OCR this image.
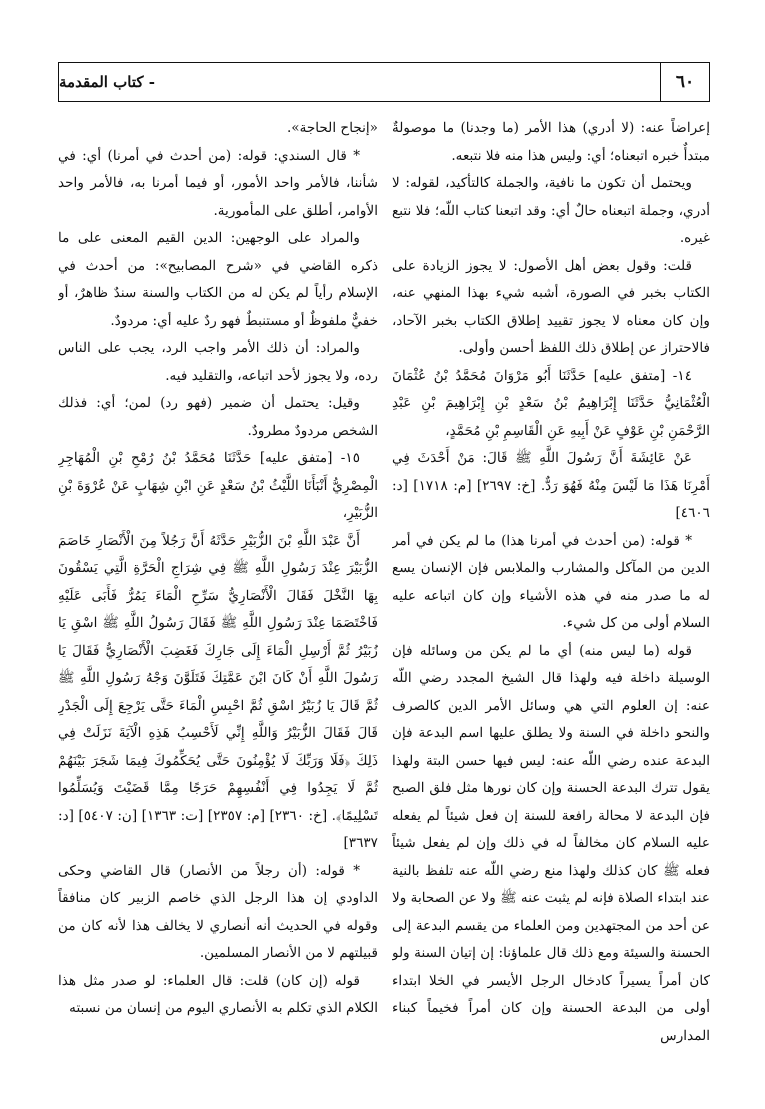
- كتاب المقدمة	٦٠

إعراضاً عنه: (لا أدري) هذا الأمر (ما وجدنا) ما موصولةٌ مبتدأٌ خبره اتبعناه؛ أي: وليس هذا منه فلا نتبعه.

ويحتمل أن تكون ما نافية، والجملة كالتأكيد، لقوله: لا أدري، وجملة اتبعناه حالٌ أي: وقد اتبعنا كتاب اللّه؛ فلا نتبع غيره.

قلت: وقول بعض أهل الأصول: لا يجوز الزيادة على الكتاب بخبر في الصورة، أشبه شيء بهذا المنهي عنه، وإن كان معناه لا يجوز تقييد إطلاق الكتاب بخبر الآحاد، فالاحتراز عن إطلاق ذلك اللفظ أحسن وأولى.

١٤- [متفق عليه] حَدَّثَنَا أَبُو مَرْوَانَ مُحَمَّدُ بْنُ عُثْمَانَ الْعُثْمَانِيُّ حَدَّثَنَا إِبْرَاهِيمُ بْنُ سَعْدٍ بْنِ إِبْرَاهِيمَ بْنِ عَبْدِ الرَّحْمَنِ بْنِ عَوْفٍ عَنْ أَبِيهِ عَنِ الْقَاسِمِ بْنِ مُحَمَّدٍ،

عَنْ عَائِشَةَ أَنَّ رَسُولَ اللَّهِ ﷺ قَالَ: مَنْ أَحْدَثَ فِي أَمْرِنَا هَذَا مَا لَيْسَ مِنْهُ فَهُوَ رَدٌّ. [خ: ٢٦٩٧] [م: ١٧١٨] [د: ٤٦٠٦]

* قوله: (من أحدث في أمرنا هذا) ما لم يكن في أمر الدين من المآكل والمشارب والملابس فإن الإنسان يسع له ما صدر منه في هذه الأشياء وإن كان اتباعه عليه السلام أولى من كل شيء.

قوله (ما ليس منه) أي ما لم يكن من وسائله فإن الوسيلة داخلة فيه ولهذا قال الشيخ المجدد رضي اللّه عنه: إن العلوم التي هي وسائل الأمر الدين كالصرف والنحو داخلة في السنة ولا يطلق عليها اسم البدعة فإن البدعة عنده رضي اللّه عنه: ليس فيها حسن البتة ولهذا يقول تترك البدعة الحسنة وإن كان نورها مثل فلق الصبح فإن البدعة لا محالة رافعة للسنة إن فعل شيئاً لم يفعله عليه السلام كان مخالفاً له في ذلك وإن لم يفعل شيئاً فعله ﷺ كان كذلك ولهذا منع رضي اللّه عنه تلفظ بالنية عند ابتداء الصلاة فإنه لم يثبت عنه ﷺ ولا عن الصحابة ولا عن أحد من المجتهدين ومن العلماء من يقسم البدعة إلى الحسنة والسيئة ومع ذلك قال علماؤنا: إن إتيان السنة ولو كان أمراً يسيراً كادخال الرجل الأيسر في الخلا ابتداء أولى من البدعة الحسنة وإن كان أمراً فخيماً كبناء المدارس

«إنجاح الحاجة».

* قال السندي: قوله: (من أحدث في أمرنا) أي: في شأننا، فالأمر واحد الأمور، أو فيما أمرنا به، فالأمر واحد الأوامر، أطلق على المأمورية.

والمراد على الوجهين: الدين القيم المعنى على ما ذكره القاضي في «شرح المصابيح»: من أحدث في الإسلام رأياً لم يكن له من الكتاب والسنة سندٌ ظاهرٌ، أو خفيٌّ ملفوظٌ أو مستنبطٌ فهو ردٌ عليه أي: مردودٌ.

والمراد: أن ذلك الأمر واجب الرد، يجب على الناس رده، ولا يجوز لأحد اتباعه، والتقليد فيه.

وقيل: يحتمل أن ضمير (فهو رد) لمن؛ أي: فذلك الشخص مردودٌ مطرودٌ.

١٥- [متفق عليه] حَدَّثَنَا مُحَمَّدُ بْنُ رُمْحِ بْنِ الْمُهَاجِرِ الْمِصْرِيُّ أَنْبَأَنَا اللَّيْثُ بْنُ سَعْدٍ عَنِ ابْنِ شِهَابٍ عَنْ عُرْوَةَ بْنِ الزُّبَيْرِ،

أَنَّ عَبْدَ اللَّهِ بْنَ الزُّبَيْرِ حَدَّثَهُ أَنَّ رَجُلاً مِنَ الْأَنْصَارِ خَاصَمَ الزُّبَيْرَ عِنْدَ رَسُولِ اللَّهِ ﷺ فِي شِرَاجِ الْحَرَّةِ الَّتِي يَسْقُونَ بِهَا النَّخْلَ فَقَالَ الْأَنْصَارِيُّ سَرِّحِ الْمَاءَ يَمُرُّ فَأَبَى عَلَيْهِ فَاخْتَصَمَا عِنْدَ رَسُولِ اللَّهِ ﷺ فَقَالَ رَسُولُ اللَّهِ ﷺ اسْقِ يَا زُبَيْرُ ثُمَّ أَرْسِلِ الْمَاءَ إِلَى جَارِكَ فَغَضِبَ الْأَنْصَارِيُّ فَقَالَ يَا رَسُولَ اللَّهِ أَنْ كَانَ ابْنَ عَمَّتِكَ فَتَلَوَّنَ وَجْهُ رَسُولِ اللَّهِ ﷺ ثُمَّ قَالَ يَا زُبَيْرُ اسْقِ ثُمَّ احْبِسِ الْمَاءَ حَتَّى يَرْجِعَ إِلَى الْجَدْرِ قَالَ فَقَالَ الزُّبَيْرُ وَاللَّهِ إِنِّي لَأَحْسِبُ هَذِهِ الْآيَةَ نَزَلَتْ فِي ذَلِكَ ﴿فَلَا وَرَبِّكَ لَا يُؤْمِنُونَ حَتَّى يُحَكِّمُوكَ فِيمَا شَجَرَ بَيْنَهُمْ ثُمَّ لَا يَجِدُوا فِي أَنْفُسِهِمْ حَرَجًا مِمَّا قَضَيْتَ وَيُسَلِّمُوا تَسْلِيمًا﴾. [خ: ٢٣٦٠] [م: ٢٣٥٧] [ت: ١٣٦٣] [ن: ٥٤٠٧] [د: ٣٦٣٧]

* قوله: (أن رجلاً من الأنصار) قال القاضي وحكى الداودي إن هذا الرجل الذي خاصم الزبير كان منافقاً وقوله في الحديث أنه أنصاري لا يخالف هذا لأنه كان من قبيلتهم لا من الأنصار المسلمين.

قوله (إن كان) قلت: قال العلماء: لو صدر مثل هذا الكلام الذي تكلم به الأنصاري اليوم من إنسان من نسبته
